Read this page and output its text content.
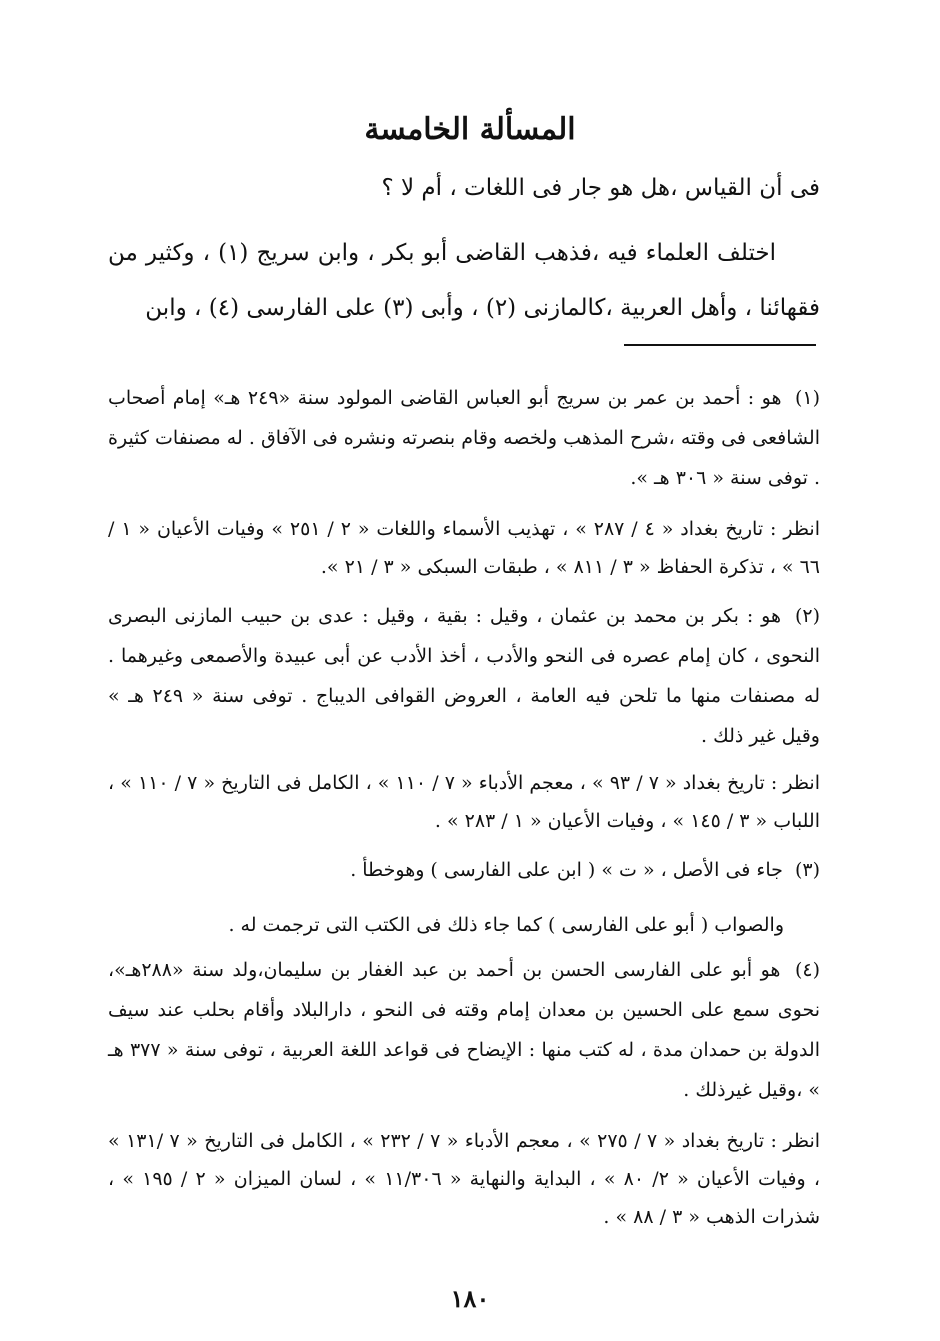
المسألة الخامسة
فى أن القياس ،هل هو جار فى اللغات ، أم لا ؟
اختلف العلماء فيه ،فذهب القاضى أبو بكر ، وابن سريج (١) ، وكثير من فقهائنا ، وأهل العربية ،كالمازنى (٢) ، وأبى (٣) على الفارسى (٤) ، وابن
(١) هو : أحمد بن عمر بن سريج أبو العباس القاضى المولود سنة «٢٤٩ هـ» إمام أصحاب الشافعى فى وقته ،شرح المذهب ولخصه وقام بنصرته ونشره فى الآفاق . له مصنفات كثيرة . توفى سنة « ٣٠٦ هـ ».
انظر : تاريخ بغداد « ٤ / ٢٨٧ » ، تهذيب الأسماء واللغات « ٢ / ٢٥١ » وفيات الأعيان « ١ / ٦٦ » ، تذكرة الحفاظ « ٣ / ٨١١ » ، طبقات السبكى « ٣ / ٢١ ».
(٢) هو : بكر بن محمد بن عثمان ، وقيل : بقية ، وقيل : عدى بن حبيب المازنى البصرى النحوى ، كان إمام عصره فى النحو والأدب ، أخذ الأدب عن أبى عبيدة والأصمعى وغيرهما . له مصنفات منها ما تلحن فيه العامة ، العروض القوافى الديباج . توفى سنة « ٢٤٩ هـ » وقيل غير ذلك .
انظر : تاريخ بغداد « ٧ / ٩٣ » ، معجم الأدباء « ٧ / ١١٠ » ، الكامل فى التاريخ « ٧ / ١١٠ » ، اللباب « ٣ / ١٤٥ » ، وفيات الأعيان « ١ / ٢٨٣ » .
(٣) جاء فى الأصل ، « ت » ( ابن على الفارسى ) وهوخطأ .
والصواب ( أبو على الفارسى ) كما جاء ذلك فى الكتب التى ترجمت له .
(٤) هو أبو على الفارسى الحسن بن أحمد بن عبد الغفار بن سليمان،ولد سنة «٢٨٨هـ»، نحوى سمع على الحسين بن معدان إمام وقته فى النحو ، دارالبلاد وأقام بحلب عند سيف الدولة بن حمدان مدة ، له كتب منها : الإيضاح فى قواعد اللغة العربية ، توفى سنة « ٣٧٧ هـ » ،وقيل غيرذلك .
انظر : تاريخ بغداد « ٧ / ٢٧٥ » ، معجم الأدباء « ٧ / ٢٣٢ » ، الكامل فى التاريخ « ٧ /١٣١ » ، وفيات الأعيان « ٢/ ٨٠ » ، البداية والنهاية « ١١/٣٠٦ » ، لسان الميزان « ٢ / ١٩٥ » ، شذرات الذهب « ٣ / ٨٨ » .
١٨٠
